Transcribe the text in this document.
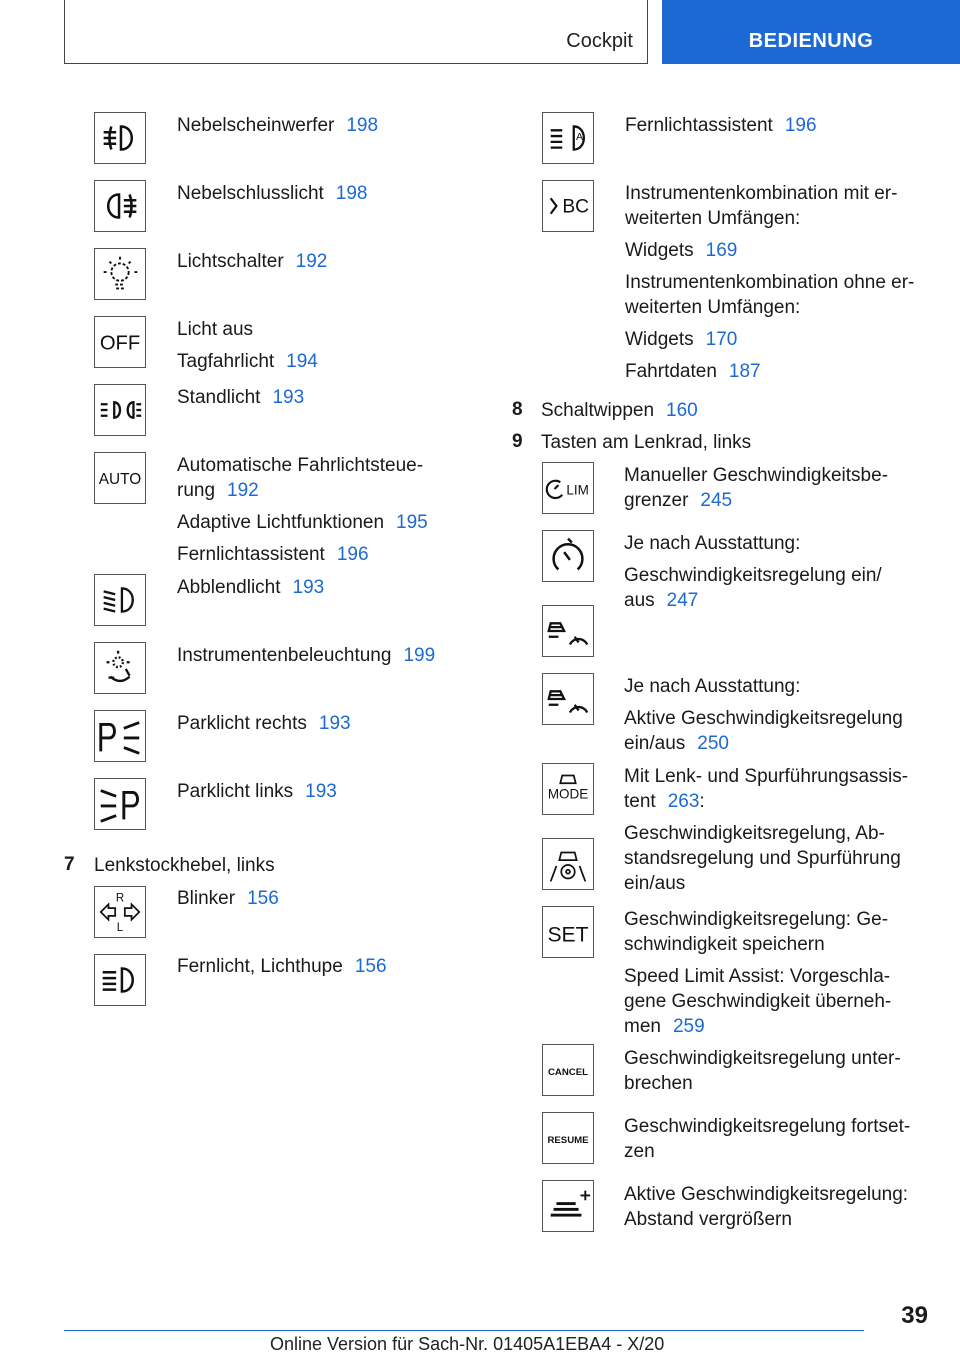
Cockpit	BEDIENUNG
OFF
AUTO
R
L
Nebelscheinwerfer 198
Nebelschlusslicht 198
Lichtschalter 192
Licht aus
Tagfahrlicht 194
Standlicht 193
Automatische Fahrlichtsteue-
rung 192
Adaptive Lichtfunktionen 195
Fernlichtassistent 196
Abblendlicht 193
Instrumentenbeleuchtung 199
Parklicht rechts 193
Parklicht links 193
7 Lenkstockhebel, links
Blinker 156
Fernlicht, Lichthupe 156
A
BC
Fernlichtassistent 196
Instrumentenkombination mit er-
weiterten Umfängen:
Widgets 169
Instrumentenkombination ohne er-
weiterten Umfängen:
Widgets 170
Fahrtdaten 187
8 Schaltwippen 160
9 Tasten am Lenkrad, links
LIM
MODE
SET
CANCEL
RESUME
Manueller Geschwindigkeitsbe-
grenzer 245
Je nach Ausstattung:
Geschwindigkeitsregelung ein/
aus 247
Je nach Ausstattung:
Aktive Geschwindigkeitsregelung
ein/aus 250
Mit Lenk- und Spurführungsassis-
tent 263:
Geschwindigkeitsregelung, Ab-
standsregelung und Spurführung
ein/aus
Geschwindigkeitsregelung: Ge-
schwindigkeit speichern
Speed Limit Assist: Vorgeschla-
gene Geschwindigkeit überneh-
men 259
Geschwindigkeitsregelung unter-
brechen
Geschwindigkeitsregelung fortset-
zen
Aktive Geschwindigkeitsregelung:
Abstand vergrößern
39
Online Version für Sach-Nr. 01405A1EBA4 - X/20
